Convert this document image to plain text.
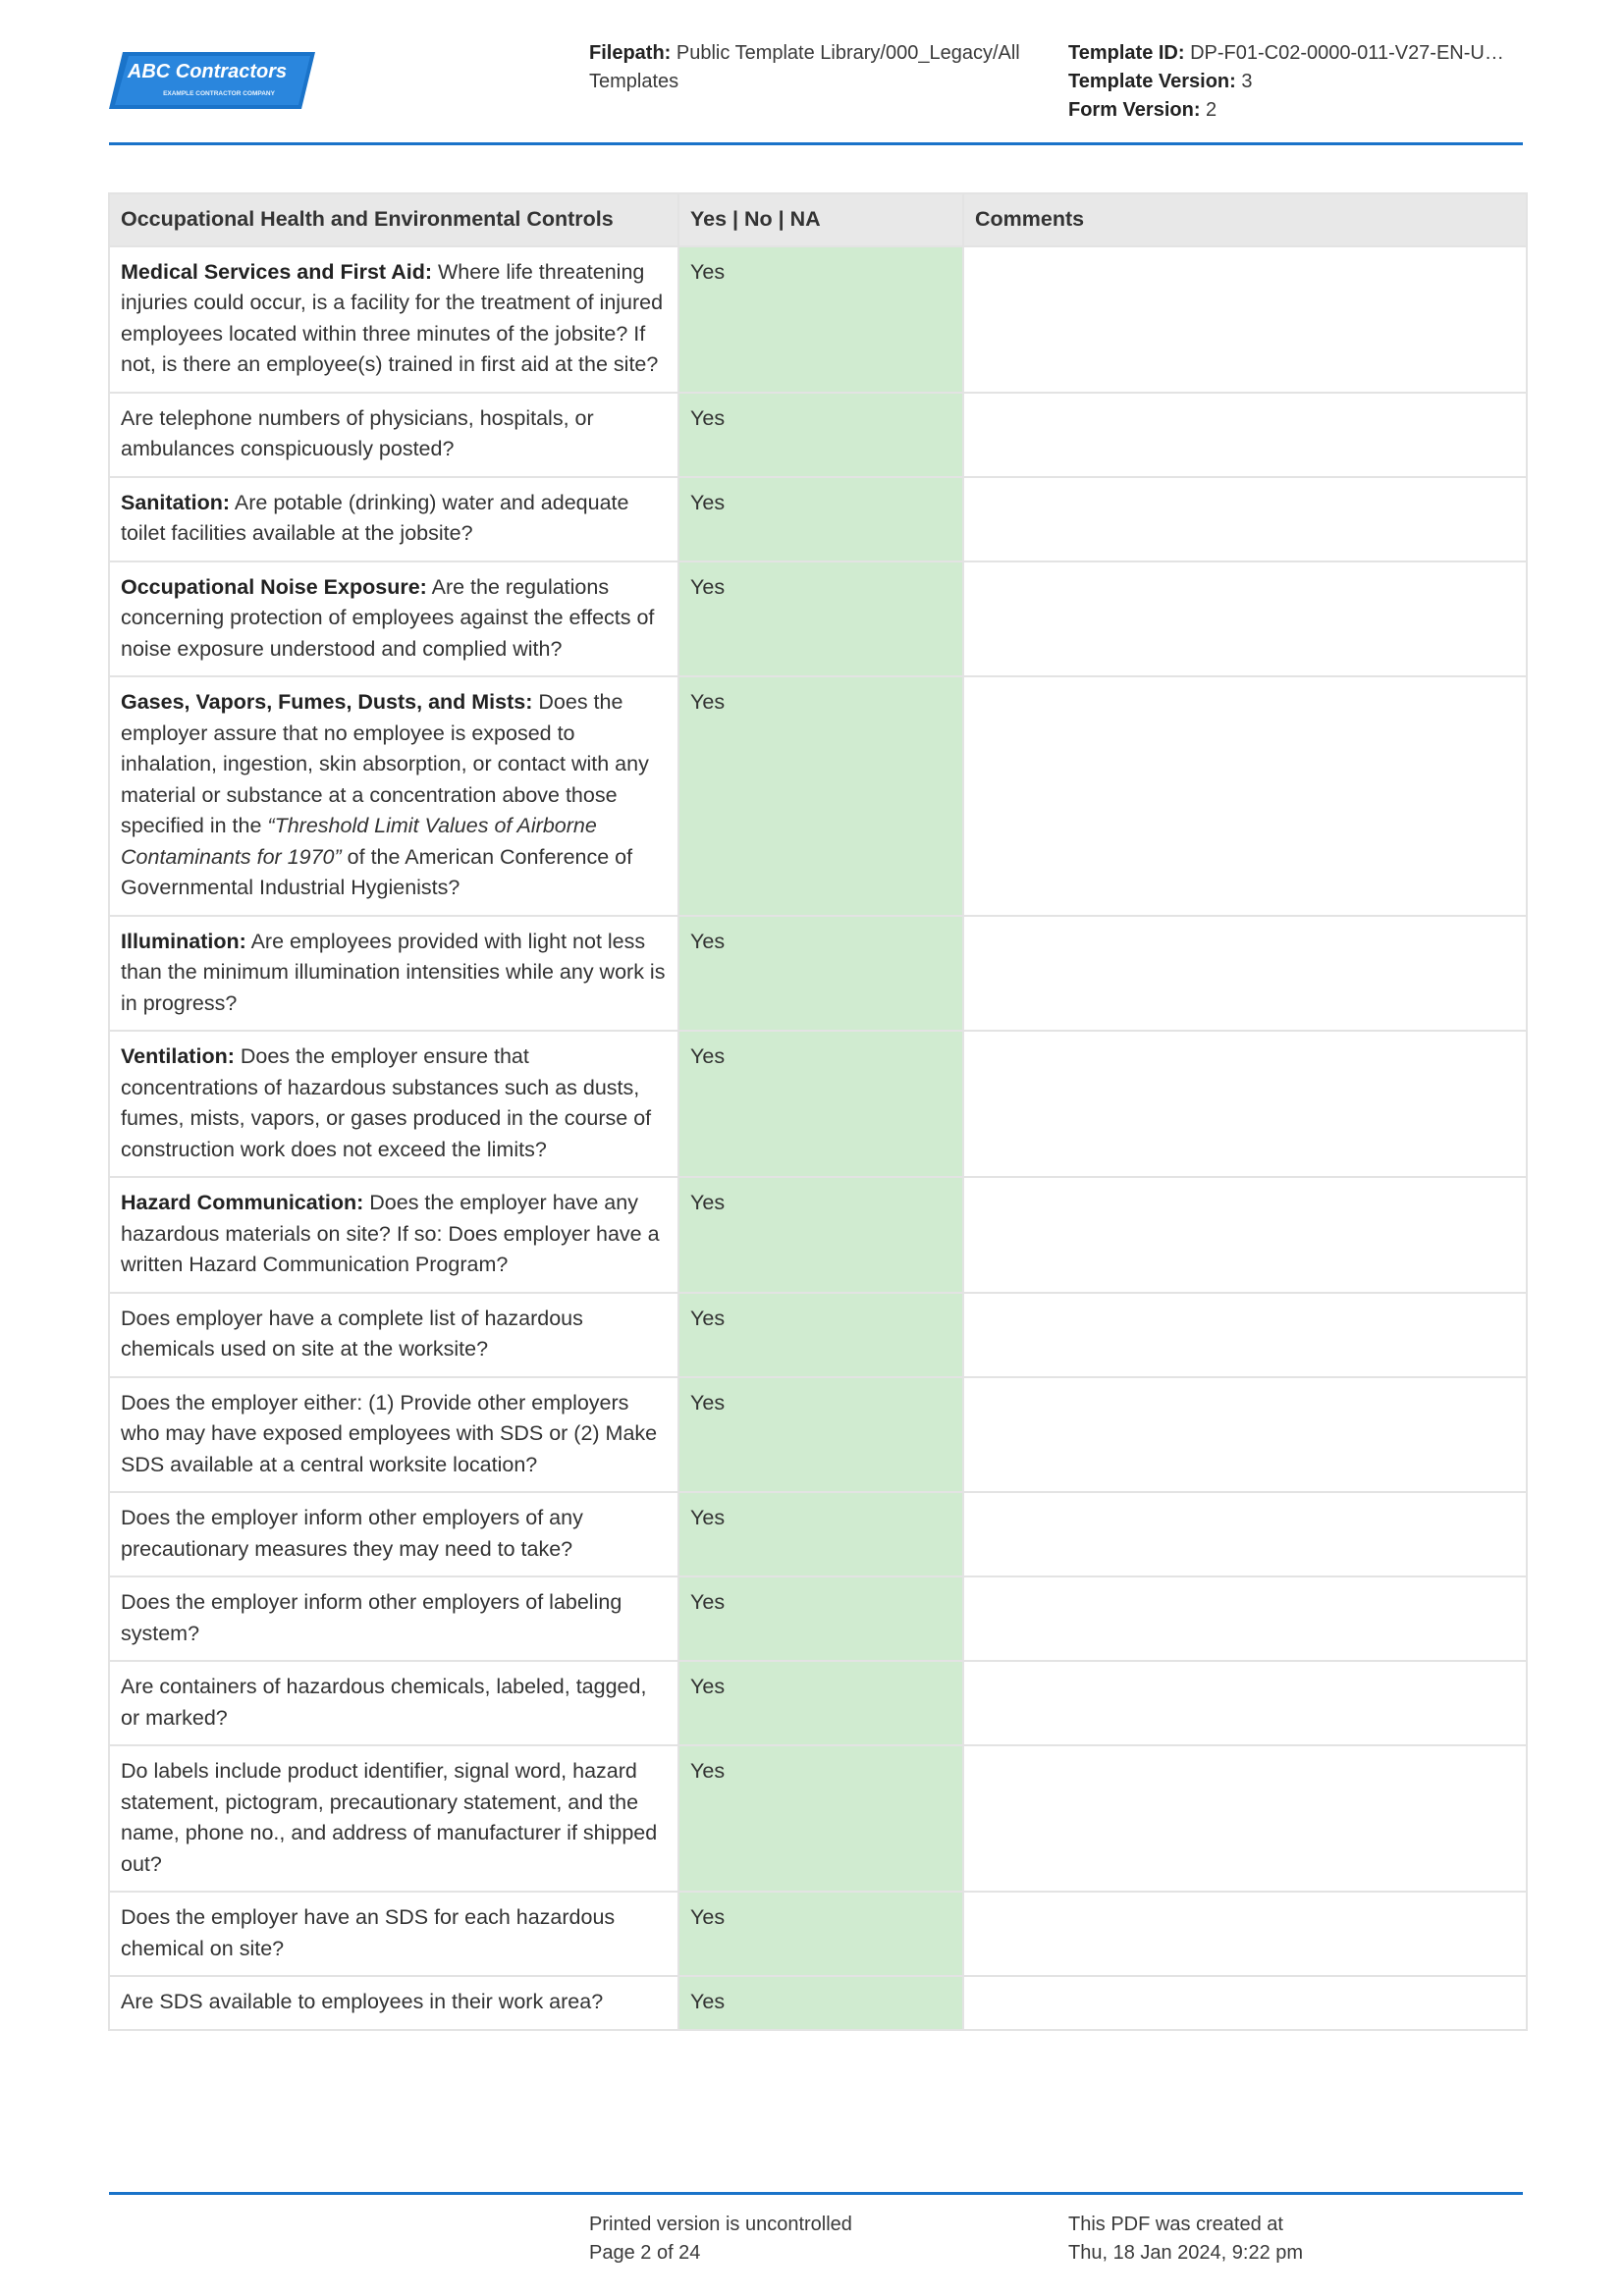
ABC Contractors
EXAMPLE CONTRACTOR COMPANY
Filepath: Public Template Library/000_Legacy/All Templates
Template ID: DP-F01-C02-0000-011-V27-EN-U…
Template Version: 3
Form Version: 2
Occupational Health and Environmental Controls	Yes | No | NA	Comments
Medical Services and First Aid: Where life threatening injuries could occur, is a facility for the treatment of injured employees located within three minutes of the jobsite? If not, is there an employee(s) trained in first aid at the site?	Yes	
Are telephone numbers of physicians, hospitals, or ambulances conspicuously posted?	Yes	
Sanitation: Are potable (drinking) water and adequate toilet facilities available at the jobsite?	Yes	
Occupational Noise Exposure: Are the regulations concerning protection of employees against the effects of noise exposure understood and complied with?	Yes	
Gases, Vapors, Fumes, Dusts, and Mists: Does the employer assure that no employee is exposed to inhalation, ingestion, skin absorption, or contact with any material or substance at a concentration above those specified in the “Threshold Limit Values of Airborne Contaminants for 1970” of the American Conference of Governmental Industrial Hygienists?	Yes	
Illumination: Are employees provided with light not less than the minimum illumination intensities while any work is in progress?	Yes	
Ventilation: Does the employer ensure that concentrations of hazardous substances such as dusts, fumes, mists, vapors, or gases produced in the course of construction work does not exceed the limits?	Yes	
Hazard Communication: Does the employer have any hazardous materials on site? If so: Does employer have a written Hazard Communication Program?	Yes	
Does employer have a complete list of hazardous chemicals used on site at the worksite?	Yes	
Does the employer either: (1) Provide other employers who may have exposed employees with SDS or (2) Make SDS available at a central worksite location?	Yes	
Does the employer inform other employers of any precautionary measures they may need to take?	Yes	
Does the employer inform other employers of labeling system?	Yes	
Are containers of hazardous chemicals, labeled, tagged, or marked?	Yes	
Do labels include product identifier, signal word, hazard statement, pictogram, precautionary statement, and the name, phone no., and address of manufacturer if shipped out?	Yes	
Does the employer have an SDS for each hazardous chemical on site?	Yes	
Are SDS available to employees in their work area?	Yes	
Printed version is uncontrolled
Page 2 of 24
This PDF was created at
Thu, 18 Jan 2024, 9:22 pm
